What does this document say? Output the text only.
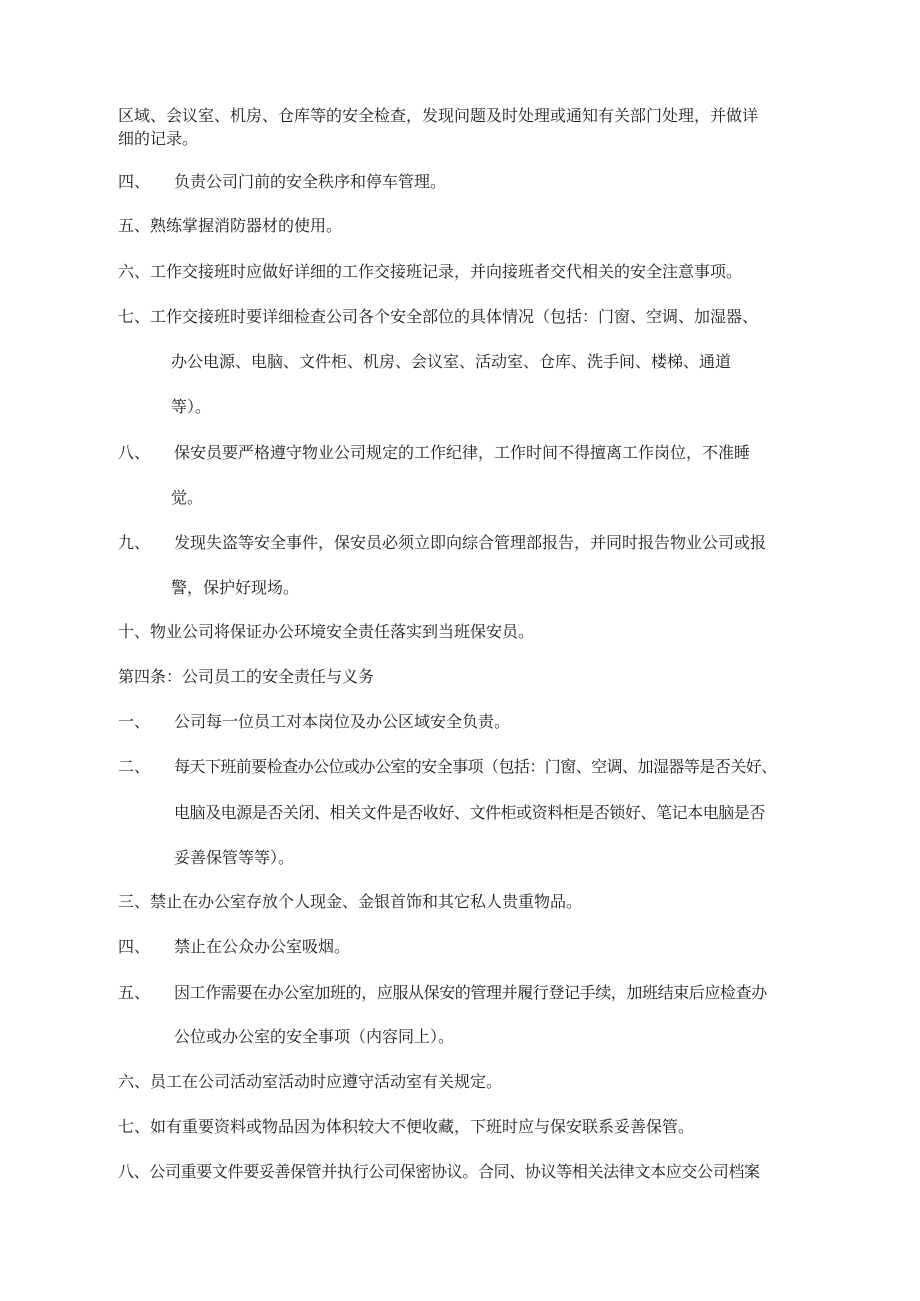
区域、会议室、机房、仓库等的安全检查，发现问题及时处理或通知有关部门处理，并做详
细的记录。
四、 负责公司门前的安全秩序和停车管理。
五、熟练掌握消防器材的使用。
六、工作交接班时应做好详细的工作交接班记录，并向接班者交代相关的安全注意事项。
七、工作交接班时要详细检查公司各个安全部位的具体情况（包括：门窗、空调、加湿器、
办公电源、电脑、文件柜、机房、会议室、活动室、仓库、洗手间、楼梯、通道
等）。
八、 保安员要严格遵守物业公司规定的工作纪律，工作时间不得擅离工作岗位，不准睡
觉。
九、 发现失盗等安全事件，保安员必须立即向综合管理部报告，并同时报告物业公司或报
警，保护好现场。
十、物业公司将保证办公环境安全责任落实到当班保安员。
第四条：公司员工的安全责任与义务
一、 公司每一位员工对本岗位及办公区域安全负责。
二、 每天下班前要检查办公位或办公室的安全事项（包括：门窗、空调、加湿器等是否关好、
电脑及电源是否关闭、相关文件是否收好、文件柜或资料柜是否锁好、笔记本电脑是否
妥善保管等等）。
三、禁止在办公室存放个人现金、金银首饰和其它私人贵重物品。
四、 禁止在公众办公室吸烟。
五、 因工作需要在办公室加班的，应服从保安的管理并履行登记手续，加班结束后应检查办
公位或办公室的安全事项（内容同上）。
六、员工在公司活动室活动时应遵守活动室有关规定。
七、如有重要资料或物品因为体积较大不便收藏，下班时应与保安联系妥善保管。
八、公司重要文件要妥善保管并执行公司保密协议。合同、协议等相关法律文本应交公司档案
